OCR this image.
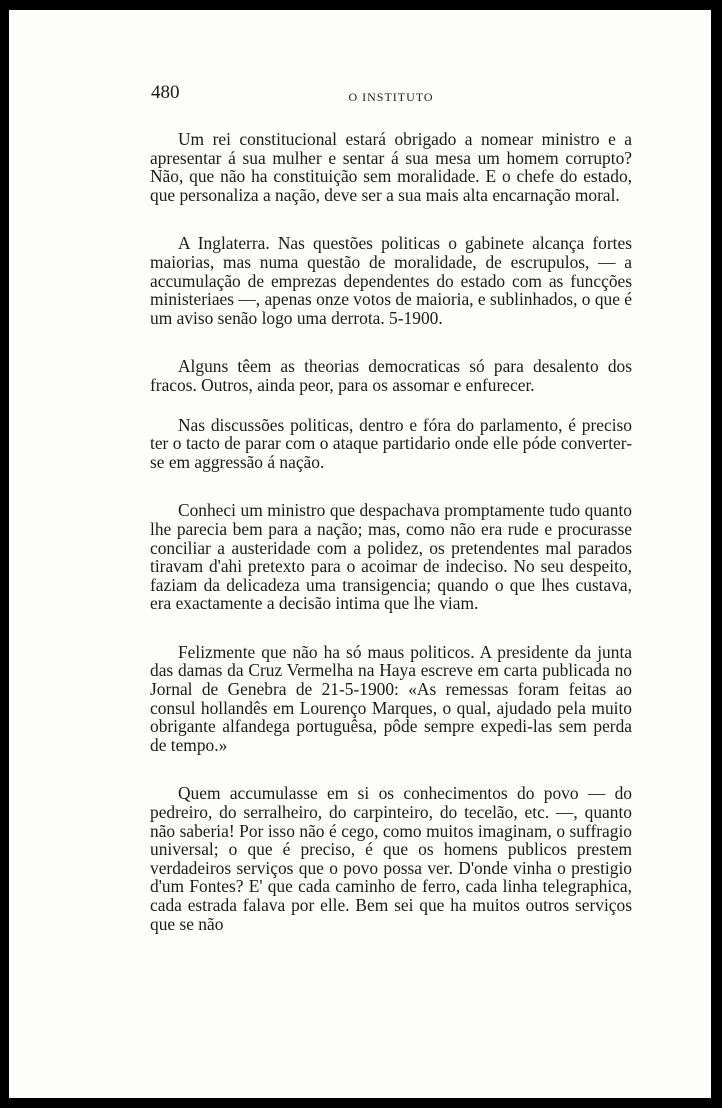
480	O INSTITUTO

Um rei constitucional estará obrigado a nomear ministro e a apresentar á sua mulher e sentar á sua mesa um homem corrupto? Não, que não ha constituição sem moralidade. E o chefe do estado, que personaliza a nação, deve ser a sua mais alta encarnação moral.

A Inglaterra. Nas questões politicas o gabinete alcança fortes maiorias, mas numa questão de moralidade, de escrupulos, — a accumulação de emprezas dependentes do estado com as funcções ministeriaes —, apenas onze votos de maioria, e sublinhados, o que é um aviso senão logo uma derrota. 5-1900.

Alguns têem as theorias democraticas só para desalento dos fracos. Outros, ainda peor, para os assomar e enfurecer.

Nas discussões politicas, dentro e fóra do parlamento, é preciso ter o tacto de parar com o ataque partidario onde elle póde converter-se em aggressão á nação.

Conheci um ministro que despachava promptamente tudo quanto lhe parecia bem para a nação; mas, como não era rude e procurasse conciliar a austeridade com a polidez, os pretendentes mal parados tiravam d'ahi pretexto para o acoimar de indeciso. No seu despeito, faziam da delicadeza uma transigencia; quando o que lhes custava, era exactamente a decisão intima que lhe viam.

Felizmente que não ha só maus politicos. A presidente da junta das damas da Cruz Vermelha na Haya escreve em carta publicada no Jornal de Genebra de 21-5-1900: «As remessas foram feitas ao consul hollandês em Lourenço Marques, o qual, ajudado pela muito obrigante alfandega portuguêsa, pôde sempre expedi-las sem perda de tempo.»

Quem accumulasse em si os conhecimentos do povo — do pedreiro, do serralheiro, do carpinteiro, do tecelão, etc. —, quanto não saberia! Por isso não é cego, como muitos imaginam, o suffragio universal; o que é preciso, é que os homens publicos prestem verdadeiros serviços que o povo possa ver. D'onde vinha o prestigio d'um Fontes? E' que cada caminho de ferro, cada linha telegraphica, cada estrada falava por elle. Bem sei que ha muitos outros serviços que se não
